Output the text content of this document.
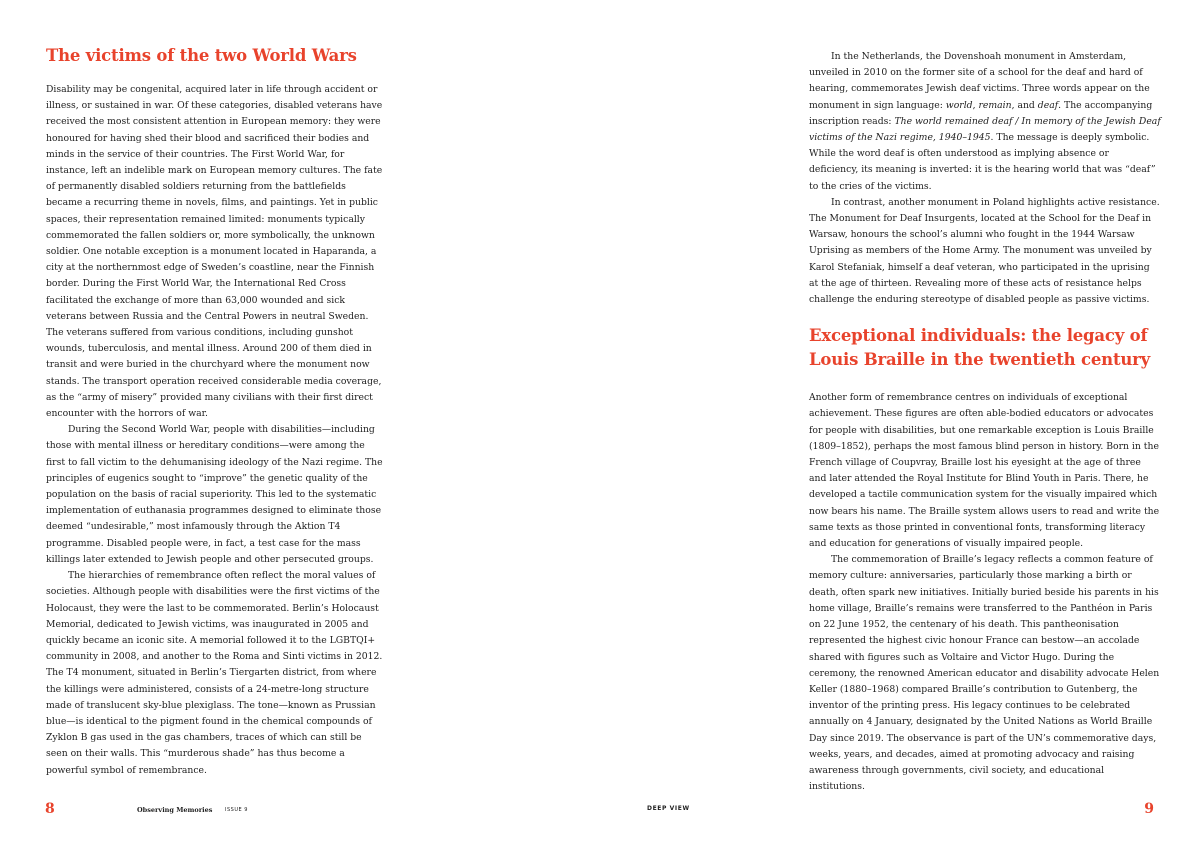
The victims of the two World Wars

Disability may be congenital, acquired later in life through accident or illness, or sustained in war. Of these categories, disabled veterans have received the most consistent attention in European memory: they were honoured for having shed their blood and sacrificed their bodies and minds in the service of their countries. The First World War, for instance, left an indelible mark on European memory cultures. The fate of permanently disabled soldiers returning from the battlefields became a recurring theme in novels, films, and paintings. Yet in public spaces, their representation remained limited: monuments typically commemorated the fallen soldiers or, more symbolically, the unknown soldier. One notable exception is a monument located in Haparanda, a city at the northernmost edge of Sweden’s coastline, near the Finnish border. During the First World War, the International Red Cross facilitated the exchange of more than 63,000 wounded and sick veterans between Russia and the Central Powers in neutral Sweden. The veterans suffered from various conditions, including gunshot wounds, tuberculosis, and mental illness. Around 200 of them died in transit and were buried in the churchyard where the monument now stands. The transport operation received considerable media coverage, as the “army of misery” provided many civilians with their first direct encounter with the horrors of war.

During the Second World War, people with disabilities—including those with mental illness or hereditary conditions—were among the first to fall victim to the dehumanising ideology of the Nazi regime. The principles of eugenics sought to “improve” the genetic quality of the population on the basis of racial superiority. This led to the systematic implementation of euthanasia programmes designed to eliminate those deemed “undesirable,” most infamously through the Aktion T4 programme. Disabled people were, in fact, a test case for the mass killings later extended to Jewish people and other persecuted groups.

The hierarchies of remembrance often reflect the moral values of societies. Although people with disabilities were the first victims of the Holocaust, they were the last to be commemorated. Berlin’s Holocaust Memorial, dedicated to Jewish victims, was inaugurated in 2005 and quickly became an iconic site. A memorial followed it to the LGBTQI+ community in 2008, and another to the Roma and Sinti victims in 2012. The T4 monument, situated in Berlin’s Tiergarten district, from where the killings were administered, consists of a 24-metre-long structure made of translucent sky-blue plexiglass. The tone—known as Prussian blue—is identical to the pigment found in the chemical compounds of Zyklon B gas used in the gas chambers, traces of which can still be seen on their walls. This “murderous shade” has thus become a powerful symbol of remembrance.

8	Observing Memories	ISSUE 9

In the Netherlands, the Dovenshoah monument in Amsterdam, unveiled in 2010 on the former site of a school for the deaf and hard of hearing, commemorates Jewish deaf victims. Three words appear on the monument in sign language: world, remain, and deaf. The accompanying inscription reads: The world remained deaf / In memory of the Jewish Deaf victims of the Nazi regime, 1940–1945. The message is deeply symbolic. While the word deaf is often understood as implying absence or deficiency, its meaning is inverted: it is the hearing world that was “deaf” to the cries of the victims.

In contrast, another monument in Poland highlights active resistance. The Monument for Deaf Insurgents, located at the School for the Deaf in Warsaw, honours the school’s alumni who fought in the 1944 Warsaw Uprising as members of the Home Army. The monument was unveiled by Karol Stefaniak, himself a deaf veteran, who participated in the uprising at the age of thirteen. Revealing more of these acts of resistance helps challenge the enduring stereotype of disabled people as passive victims.

Exceptional individuals: the legacy of Louis Braille in the twentieth century

Another form of remembrance centres on individuals of exceptional achievement. These figures are often able-bodied educators or advocates for people with disabilities, but one remarkable exception is Louis Braille (1809–1852), perhaps the most famous blind person in history. Born in the French village of Coupvray, Braille lost his eyesight at the age of three and later attended the Royal Institute for Blind Youth in Paris. There, he developed a tactile communication system for the visually impaired which now bears his name. The Braille system allows users to read and write the same texts as those printed in conventional fonts, transforming literacy and education for generations of visually impaired people.

The commemoration of Braille’s legacy reflects a common feature of memory culture: anniversaries, particularly those marking a birth or death, often spark new initiatives. Initially buried beside his parents in his home village, Braille’s remains were transferred to the Panthéon in Paris on 22 June 1952, the centenary of his death. This pantheonisation represented the highest civic honour France can bestow—an accolade shared with figures such as Voltaire and Victor Hugo. During the ceremony, the renowned American educator and disability advocate Helen Keller (1880–1968) compared Braille’s contribution to Gutenberg, the inventor of the printing press. His legacy continues to be celebrated annually on 4 January, designated by the United Nations as World Braille Day since 2019. The observance is part of the UN’s commemorative days, weeks, years, and decades, aimed at promoting advocacy and raising awareness through governments, civil society, and educational institutions.

DEEP VIEW	9
